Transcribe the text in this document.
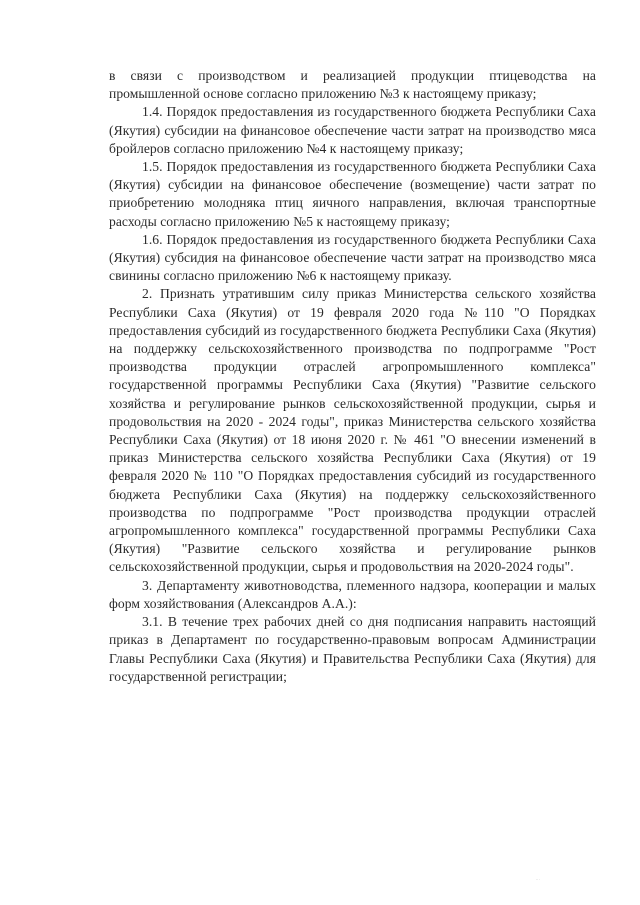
в связи с производством и реализацией продукции птицеводства на промышленной основе согласно приложению №3 к настоящему приказу;

1.4. Порядок предоставления из государственного бюджета Республики Саха (Якутия) субсидии на финансовое обеспечение части затрат на производство мяса бройлеров согласно приложению №4 к настоящему приказу;

1.5. Порядок предоставления из государственного бюджета Республики Саха (Якутия) субсидии на финансовое обеспечение (возмещение) части затрат по приобретению молодняка птиц яичного направления, включая транспортные расходы согласно приложению №5 к настоящему приказу;

1.6. Порядок предоставления из государственного бюджета Республики Саха (Якутия) субсидия на финансовое обеспечение части затрат на производство мяса свинины согласно приложению №6 к настоящему приказу.

2. Признать утратившим силу приказ Министерства сельского хозяйства Республики Саха (Якутия) от 19 февраля 2020 года №110 "О Порядках предоставления субсидий из государственного бюджета Республики Саха (Якутия) на поддержку сельскохозяйственного производства по подпрограмме "Рост производства продукции отраслей агропромышленного комплекса" государственной программы Республики Саха (Якутия) "Развитие сельского хозяйства и регулирование рынков сельскохозяйственной продукции, сырья и продовольствия на 2020 - 2024 годы", приказ Министерства сельского хозяйства Республики Саха (Якутия) от 18 июня 2020 г. № 461 "О внесении изменений в приказ Министерства сельского хозяйства Республики Саха (Якутия) от 19 февраля 2020 № 110 "О Порядках предоставления субсидий из государственного бюджета Республики Саха (Якутия) на поддержку сельскохозяйственного производства по подпрограмме "Рост производства продукции отраслей агропромышленного комплекса" государственной программы Республики Саха (Якутия) "Развитие сельского хозяйства и регулирование рынков сельскохозяйственной продукции, сырья и продовольствия на 2020-2024 годы".

3. Департаменту животноводства, племенного надзора, кооперации и малых форм хозяйствования (Александров А.А.):

3.1. В течение трех рабочих дней со дня подписания направить настоящий приказ в Департамент по государственно-правовым вопросам Администрации Главы Республики Саха (Якутия) и Правительства Республики Саха (Якутия) для государственной регистрации;

...
